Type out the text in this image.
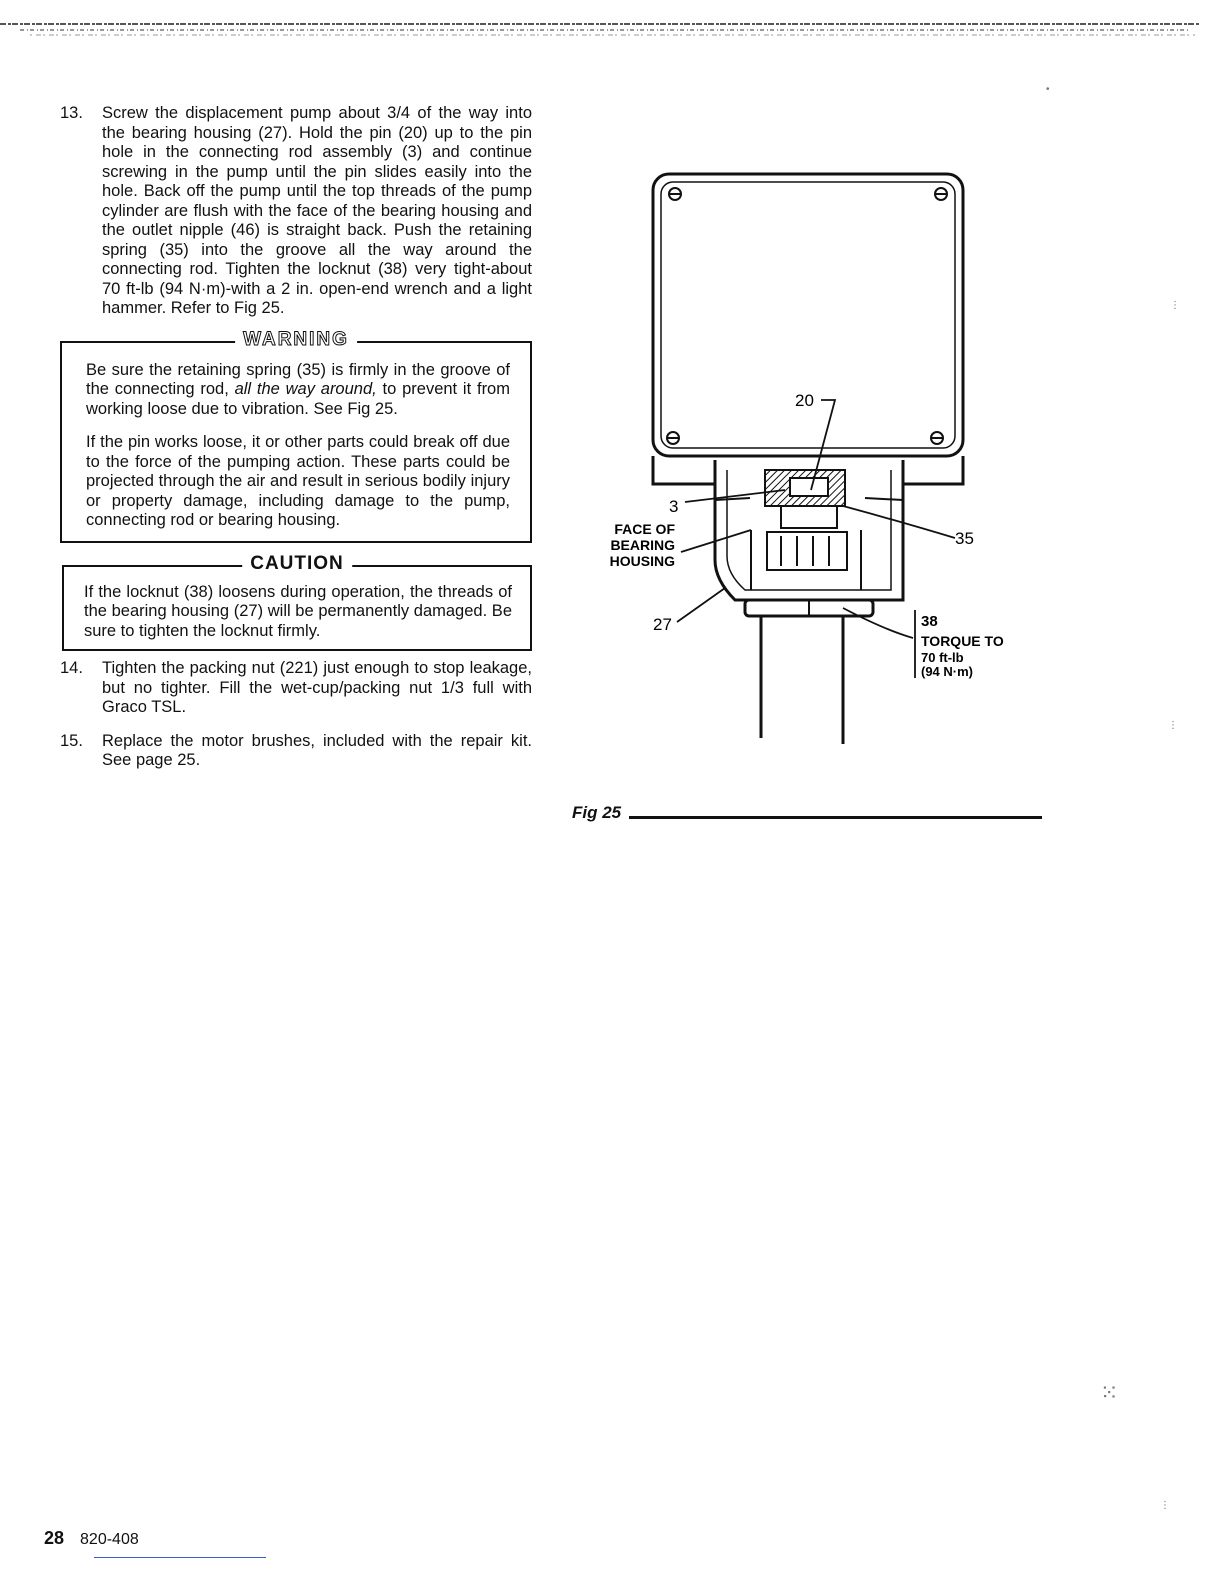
13.	Screw the displacement pump about 3/4 of the way into the bearing housing (27). Hold the pin (20) up to the pin hole in the connecting rod assembly (3) and continue screwing in the pump until the pin slides easily into the hole. Back off the pump until the top threads of the pump cylinder are flush with the face of the bearing housing and the outlet nipple (46) is straight back. Push the retaining spring (35) into the groove all the way around the connecting rod. Tighten the locknut (38) very tight-about 70 ft-lb (94 N·m)-with a 2 in. open-end wrench and a light hammer. Refer to Fig 25.
WARNING

Be sure the retaining spring (35) is firmly in the groove of the connecting rod, all the way around, to prevent it from working loose due to vibration. See Fig 25.

If the pin works loose, it or other parts could break off due to the force of the pumping action. These parts could be projected through the air and result in serious bodily injury or property damage, including damage to the pump, connecting rod or bearing housing.

CAUTION

If the locknut (38) loosens during operation, the threads of the bearing housing (27) will be permanently damaged. Be sure to tighten the locknut firmly.

14.	Tighten the packing nut (221) just enough to stop leakage, but no tighter. Fill the wet-cup/packing nut 1/3 full with Graco TSL.
15.	Replace the motor brushes, included with the repair kit. See page 25.
20
3
FACE OF
BEARING
HOUSING
35
27	38
TORQUE TO
70 ft-lb
(94 N·m)
Fig 25
28 820-408
•
⋮
⋮
⁙
⋮
